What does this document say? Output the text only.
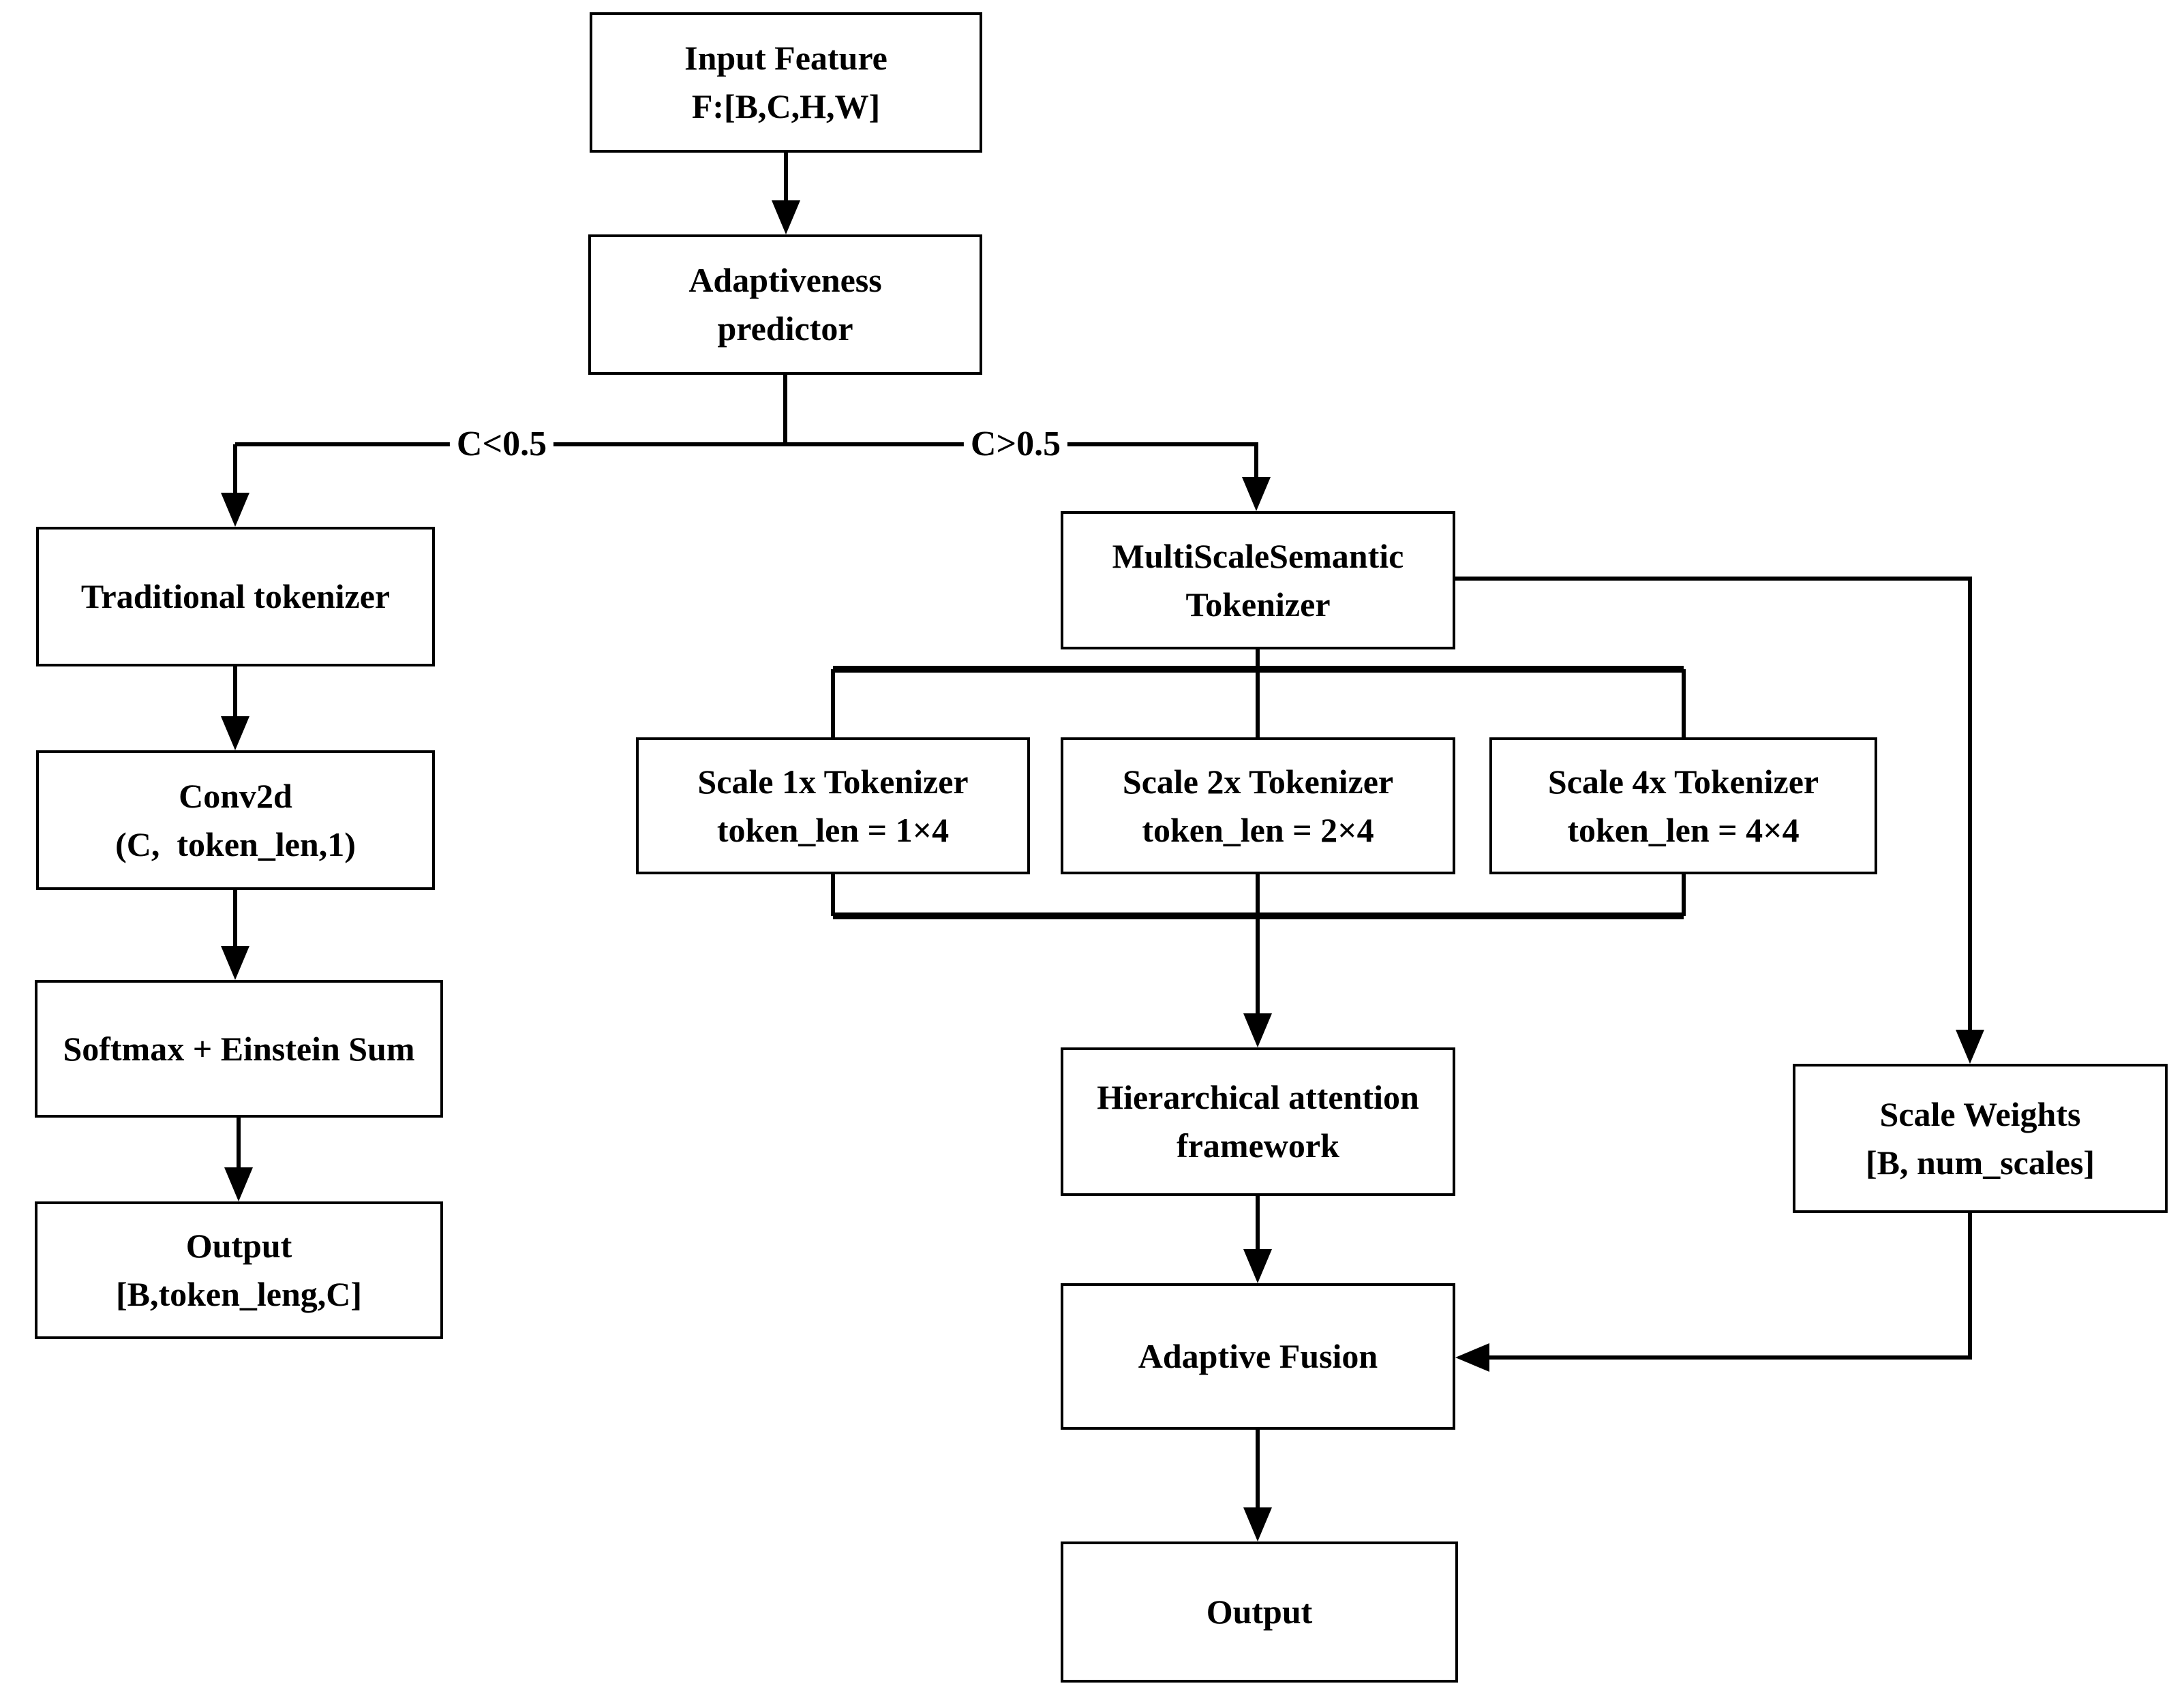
Input Feature
F:[B,C,H,W]
Adaptiveness
predictor
Traditional tokenizer
Conv2d
(C,  token_len,1)
Softmax + Einstein Sum
Output
[B,token_leng,C]
MultiScaleSemantic
Tokenizer
Scale 1x Tokenizer
token_len = 1×4
Scale 2x Tokenizer
token_len = 2×4
Scale 4x Tokenizer
token_len = 4×4
Hierarchical attention
framework
Scale Weights
[B, num_scales]
Adaptive Fusion
Output
C<0.5	C>0.5
